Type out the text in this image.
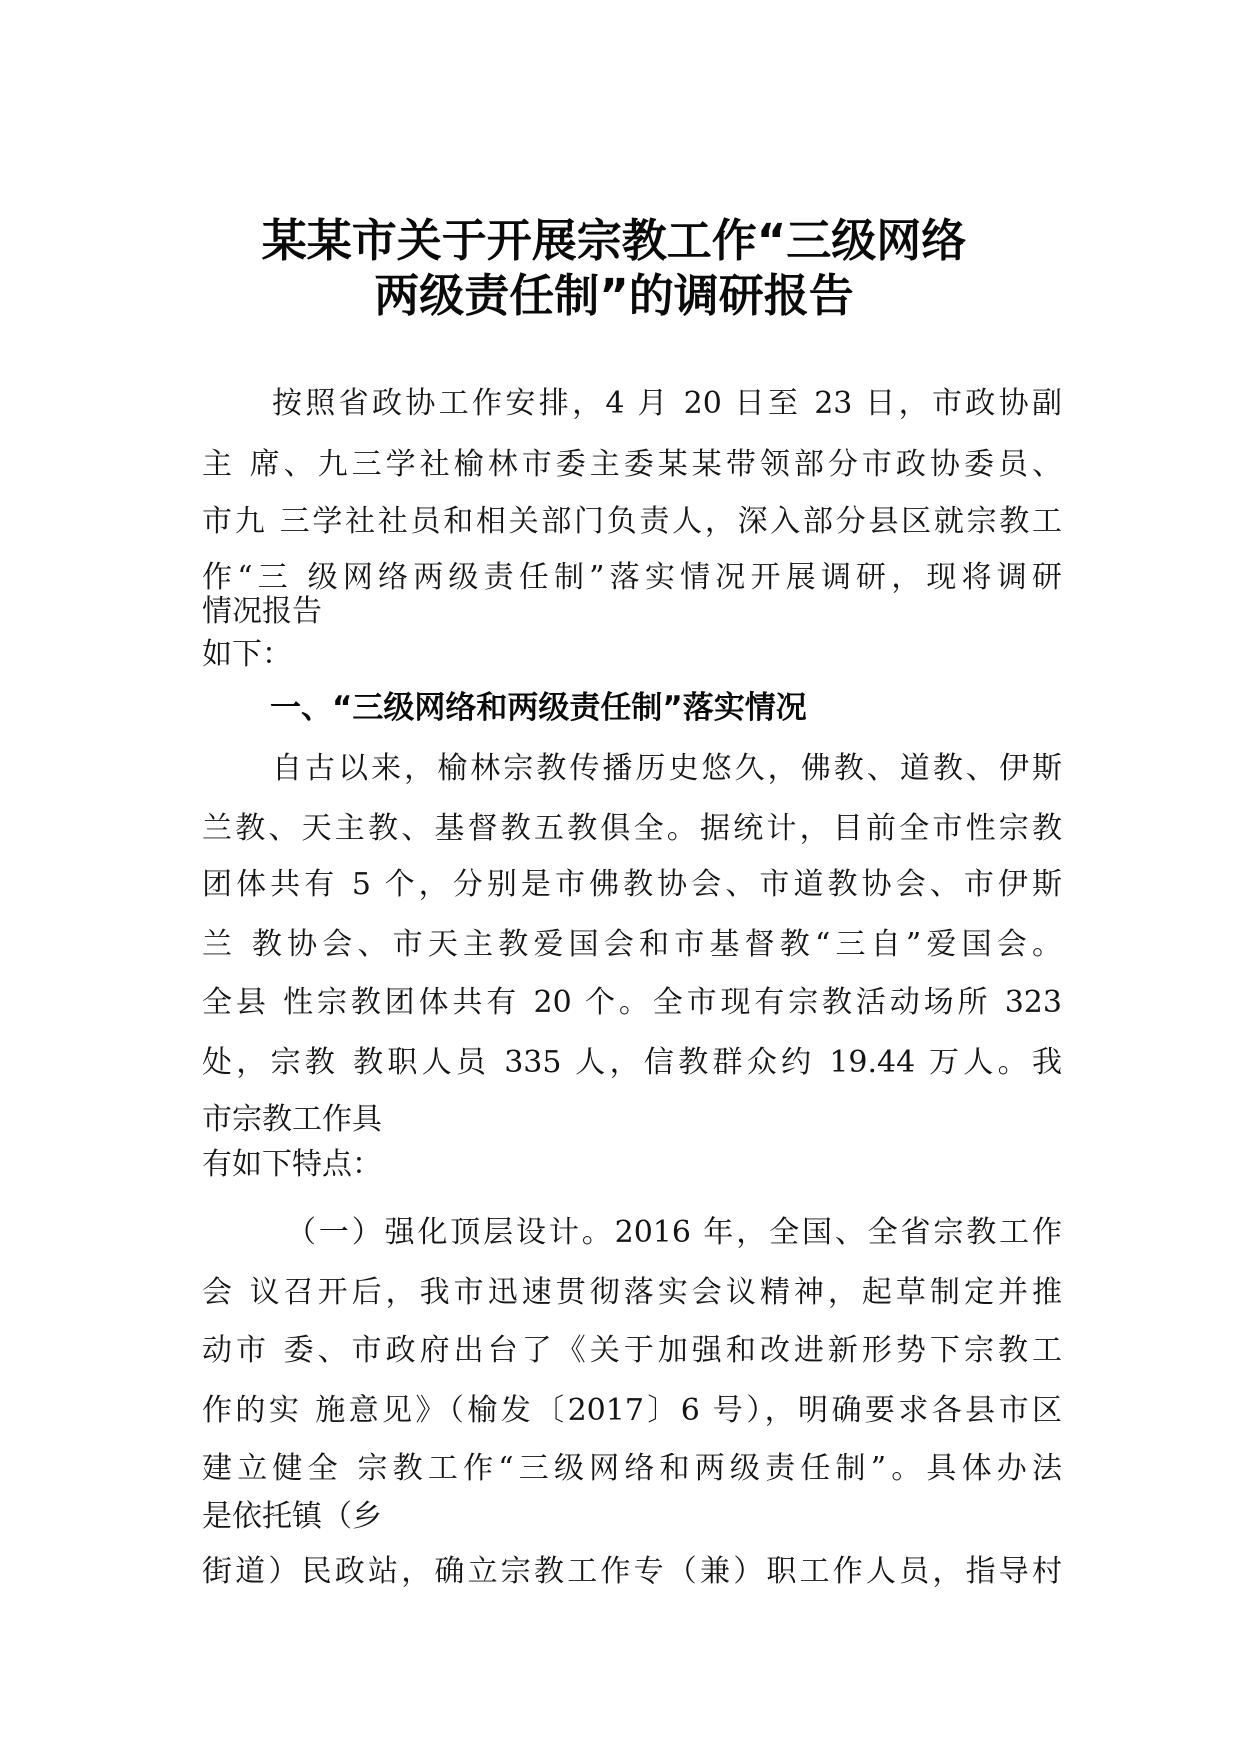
某某市关于开展宗教工作“三级网络
两级责任制”的调研报告
按照省政协工作安排，4 月 20 日至 23 日，市政协副
主 席、九三学社榆林市委主委某某带领部分市政协委员、
市九 三学社社员和相关部门负责人，深入部分县区就宗教工
作“三 级网络两级责任制”落实情况开展调研，现将调研
情况报告
如下：
一、“三级网络和两级责任制”落实情况
自古以来，榆林宗教传播历史悠久，佛教、道教、伊斯
兰教、天主教、基督教五教俱全。据统计，目前全市性宗教
团体共有 5 个，分别是市佛教协会、市道教协会、市伊斯
兰 教协会、市天主教爱国会和市基督教“三自”爱国会。
全县 性宗教团体共有 20 个。全市现有宗教活动场所 323
处，宗教 教职人员 335 人，信教群众约 19.44 万人。我
市宗教工作具
有如下特点：
（一）强化顶层设计。2016 年，全国、全省宗教工作
会 议召开后，我市迅速贯彻落实会议精神，起草制定并推
动市 委、市政府出台了《关于加强和改进新形势下宗教工
作的实 施意见》（榆发〔2017〕6 号），明确要求各县市区
建立健全 宗教工作“三级网络和两级责任制”。具体办法
是依托镇（乡
街道）民政站，确立宗教工作专（兼）职工作人员，指导村
